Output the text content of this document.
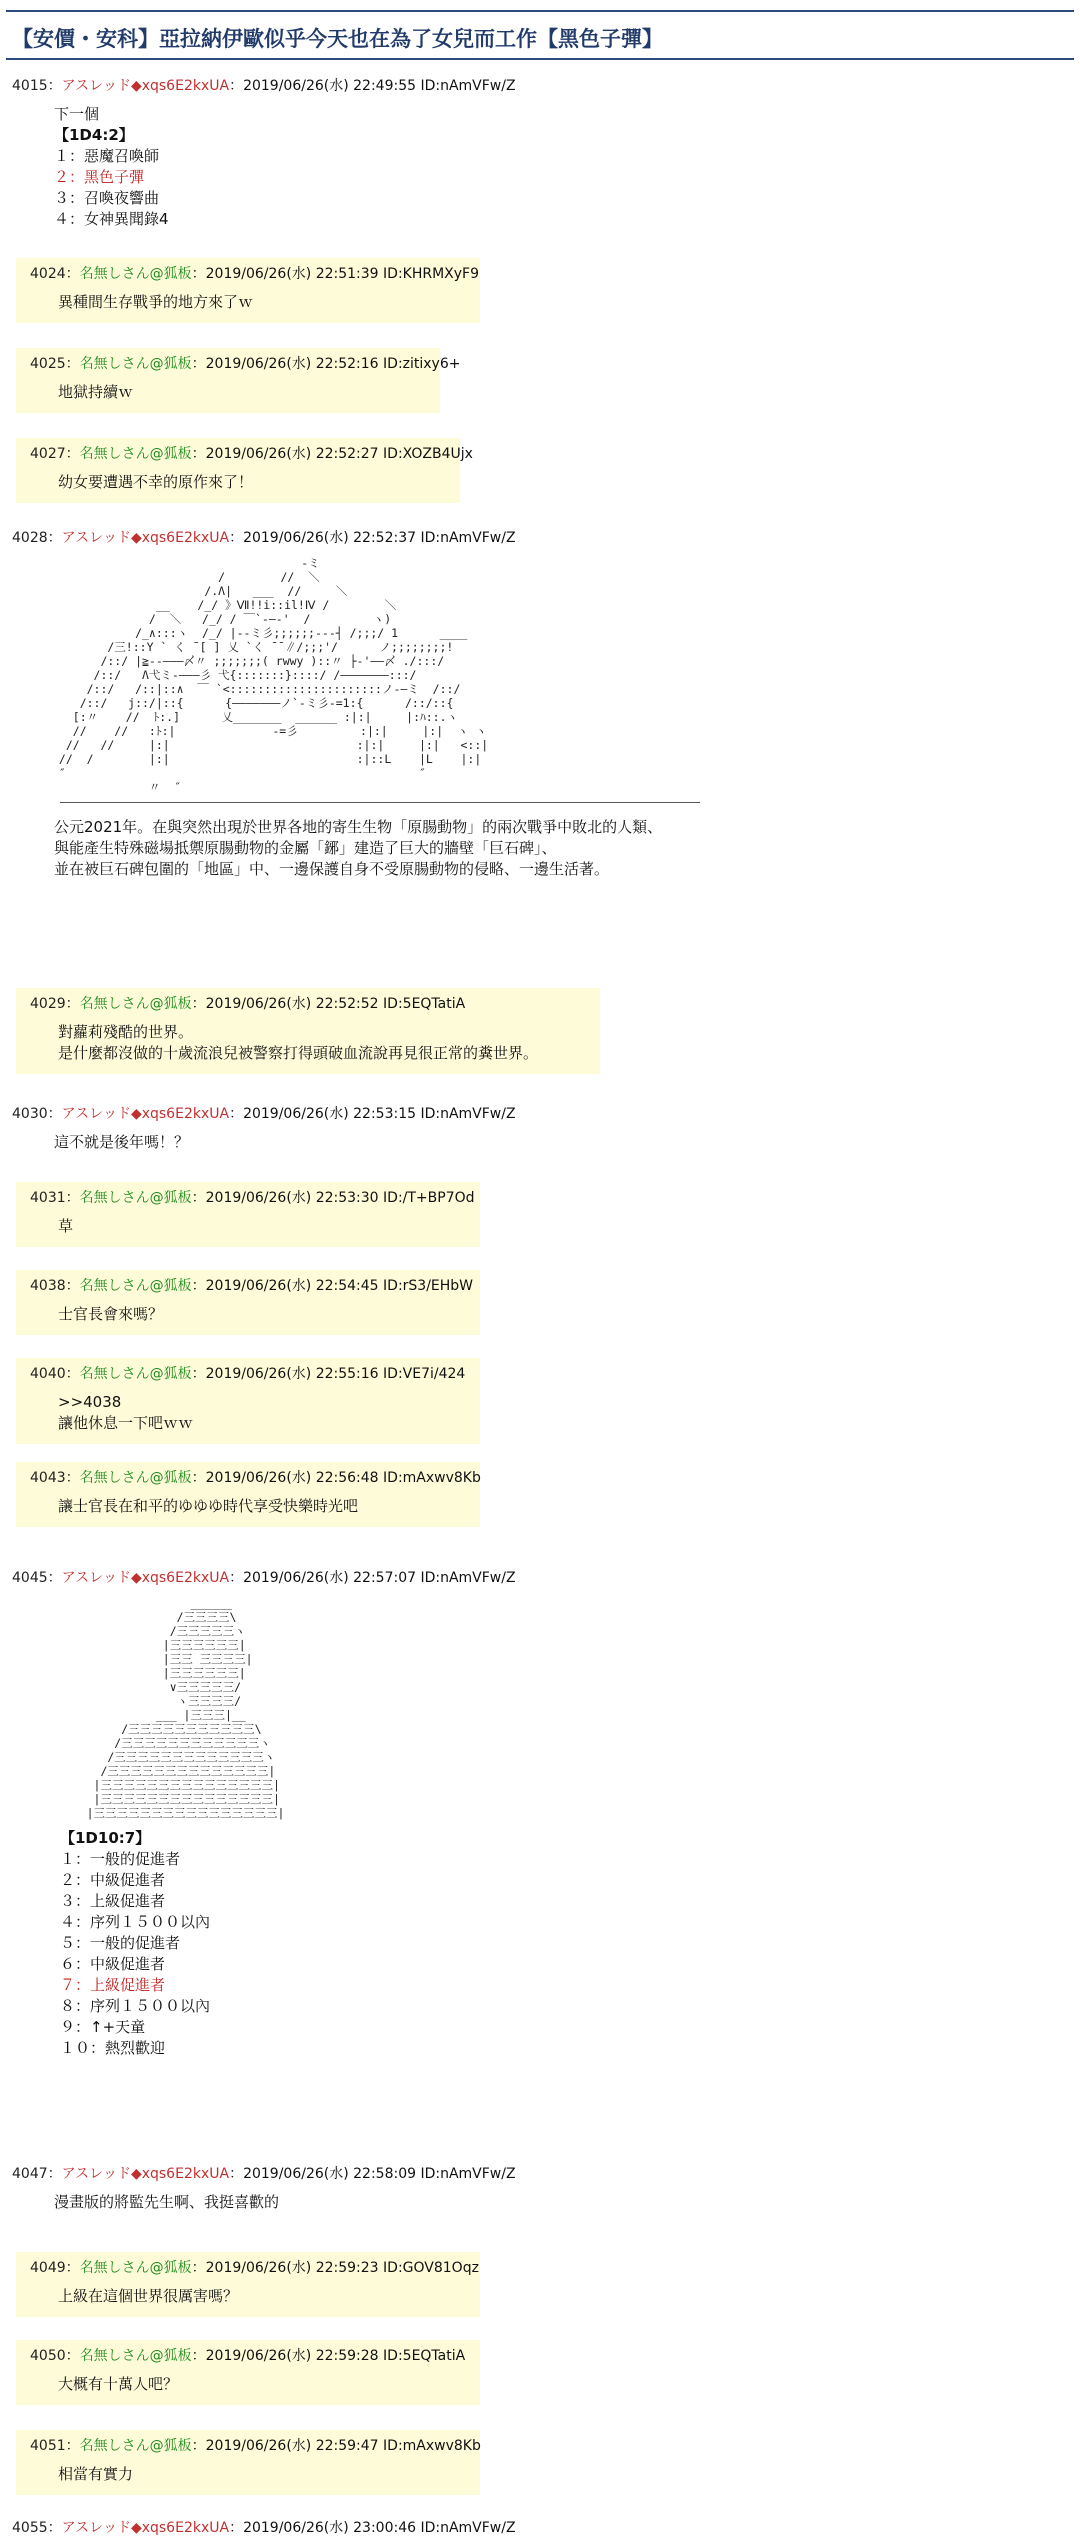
【安價・安科】亞拉納伊歐似乎今天也在為了女兒而工作【黑色子彈】
4015：アスレッド◆xqs6E2kxUA：2019/06/26(水) 22:49:55 ID:nAmVFw/Z
下一個
【1D4:2】
１：惡魔召喚師
２：黑色子彈
３：召喚夜響曲
４：女神異聞錄4
4024：名無しさん@狐板：2019/06/26(水) 22:51:39 ID:KHRMXyF9
異種間生存戰爭的地方來了ｗ
4025：名無しさん@狐板：2019/06/26(水) 22:52:16 ID:zitixy6+
地獄持續ｗ
4027：名無しさん@狐板：2019/06/26(水) 22:52:27 ID:XOZB4Ujx
幼女要遭遇不幸的原作來了！
4028：アスレッド◆xqs6E2kxUA：2019/06/26(水) 22:52:37 ID:nAmVFw/Z
‐ミ
/        //  ＼
/.Λ|   ___  //     ＼
__    /_/ 》Ⅶ!!i::il!Ⅳ /        ＼
/  ＼   /_/ / ￣`-―-'  /         ヽ)
/_∧:::ヽ  /_/ |--ミ彡;;;;;;--‐┤ /;;;/ 1      ____
/三!::Y ` く ̄ [ ] 乂 `く ̄ ̄ ∥/;;;'/      ノ;;;;;;;;!
/::/ |≧-‐―――〆〃 ;;;;;;;( rwwy )::〃 ├‐'――〆 ./:::/
/::/   Λ弋ミ‐―――彡 弋{:::::::}::::/ /―――――――:::/
/::/   /::|::∧  ￣ `<::::::::::::::::::::::ノ‐―ミ  /::/
/::/   j::/|::{      {―――――――ノ`‐ミ彡‐=1:{      /::/::{
[:〃    //  ﾄ:.]      乂_______  ______ :|:|     |:ﾊ::.ヽ
//    //   :ﾄ:|              ‐=彡         :|:|     |:|  ヽ ヽ
//   //     |:|                           :|:|     |:|   <::|
//  /        |:|                           :|::L    |L    |:|
″                                                   ″
〃  ″
公元2021年。在與突然出現於世界各地的寄生生物「原腸動物」的兩次戰爭中敗北的人類、
與能產生特殊磁場抵禦原腸動物的金屬「鋣」建造了巨大的牆壁「巨石碑」、
並在被巨石碑包圍的「地區」中、一邊保護自身不受原腸動物的侵略、一邊生活著。
4029：名無しさん@狐板：2019/06/26(水) 22:52:52 ID:5EQTatiA
對蘿莉殘酷的世界。
是什麼都沒做的十歲流浪兒被警察打得頭破血流說再見很正常的糞世界。
4030：アスレッド◆xqs6E2kxUA：2019/06/26(水) 22:53:15 ID:nAmVFw/Z
這不就是後年嗎！？
4031：名無しさん@狐板：2019/06/26(水) 22:53:30 ID:/T+BP7Od
草
4038：名無しさん@狐板：2019/06/26(水) 22:54:45 ID:rS3/EHbW
士官長會來嗎？
4040：名無しさん@狐板：2019/06/26(水) 22:55:16 ID:VE7i/424
>>4038
讓他休息一下吧ｗｗ
4043：名無しさん@狐板：2019/06/26(水) 22:56:48 ID:mAxwv8Kb
讓士官長在和平的ゆゆゆ時代享受快樂時光吧
4045：アスレッド◆xqs6E2kxUA：2019/06/26(水) 22:57:07 ID:nAmVFw/Z
______
/三三三三\
/三三三三三ヽ
|三三三三三三|
|三三 三三三三|
|三三三三三三|
∨三三三三三/
ヽ三三三三/
___ |三三三|__
/三三三三三三三三三三三\
/三三三三三三三三三三三三ヽ
/三三三三三三三三三三三三三ヽ
/三三三三三三三三三三三三三三|
|三三三三三三三三三三三三三三三|
|三三三三三三三三三三三三三三三|
|三三三三三三三三三三三三三三三三|
【1D10:7】
１：一般的促進者
２：中級促進者
３：上級促進者
４：序列１５００以內
５：一般的促進者
６：中級促進者
７：上級促進者
８：序列１５００以內
９：↑+天童
１０：熱烈歡迎
4047：アスレッド◆xqs6E2kxUA：2019/06/26(水) 22:58:09 ID:nAmVFw/Z
漫畫版的將監先生啊、我挺喜歡的
4049：名無しさん@狐板：2019/06/26(水) 22:59:23 ID:GOV81Oqz
上級在這個世界很厲害嗎？
4050：名無しさん@狐板：2019/06/26(水) 22:59:28 ID:5EQTatiA
大概有十萬人吧？
4051：名無しさん@狐板：2019/06/26(水) 22:59:47 ID:mAxwv8Kb
相當有實力
4055：アスレッド◆xqs6E2kxUA：2019/06/26(水) 23:00:46 ID:nAmVFw/Z
